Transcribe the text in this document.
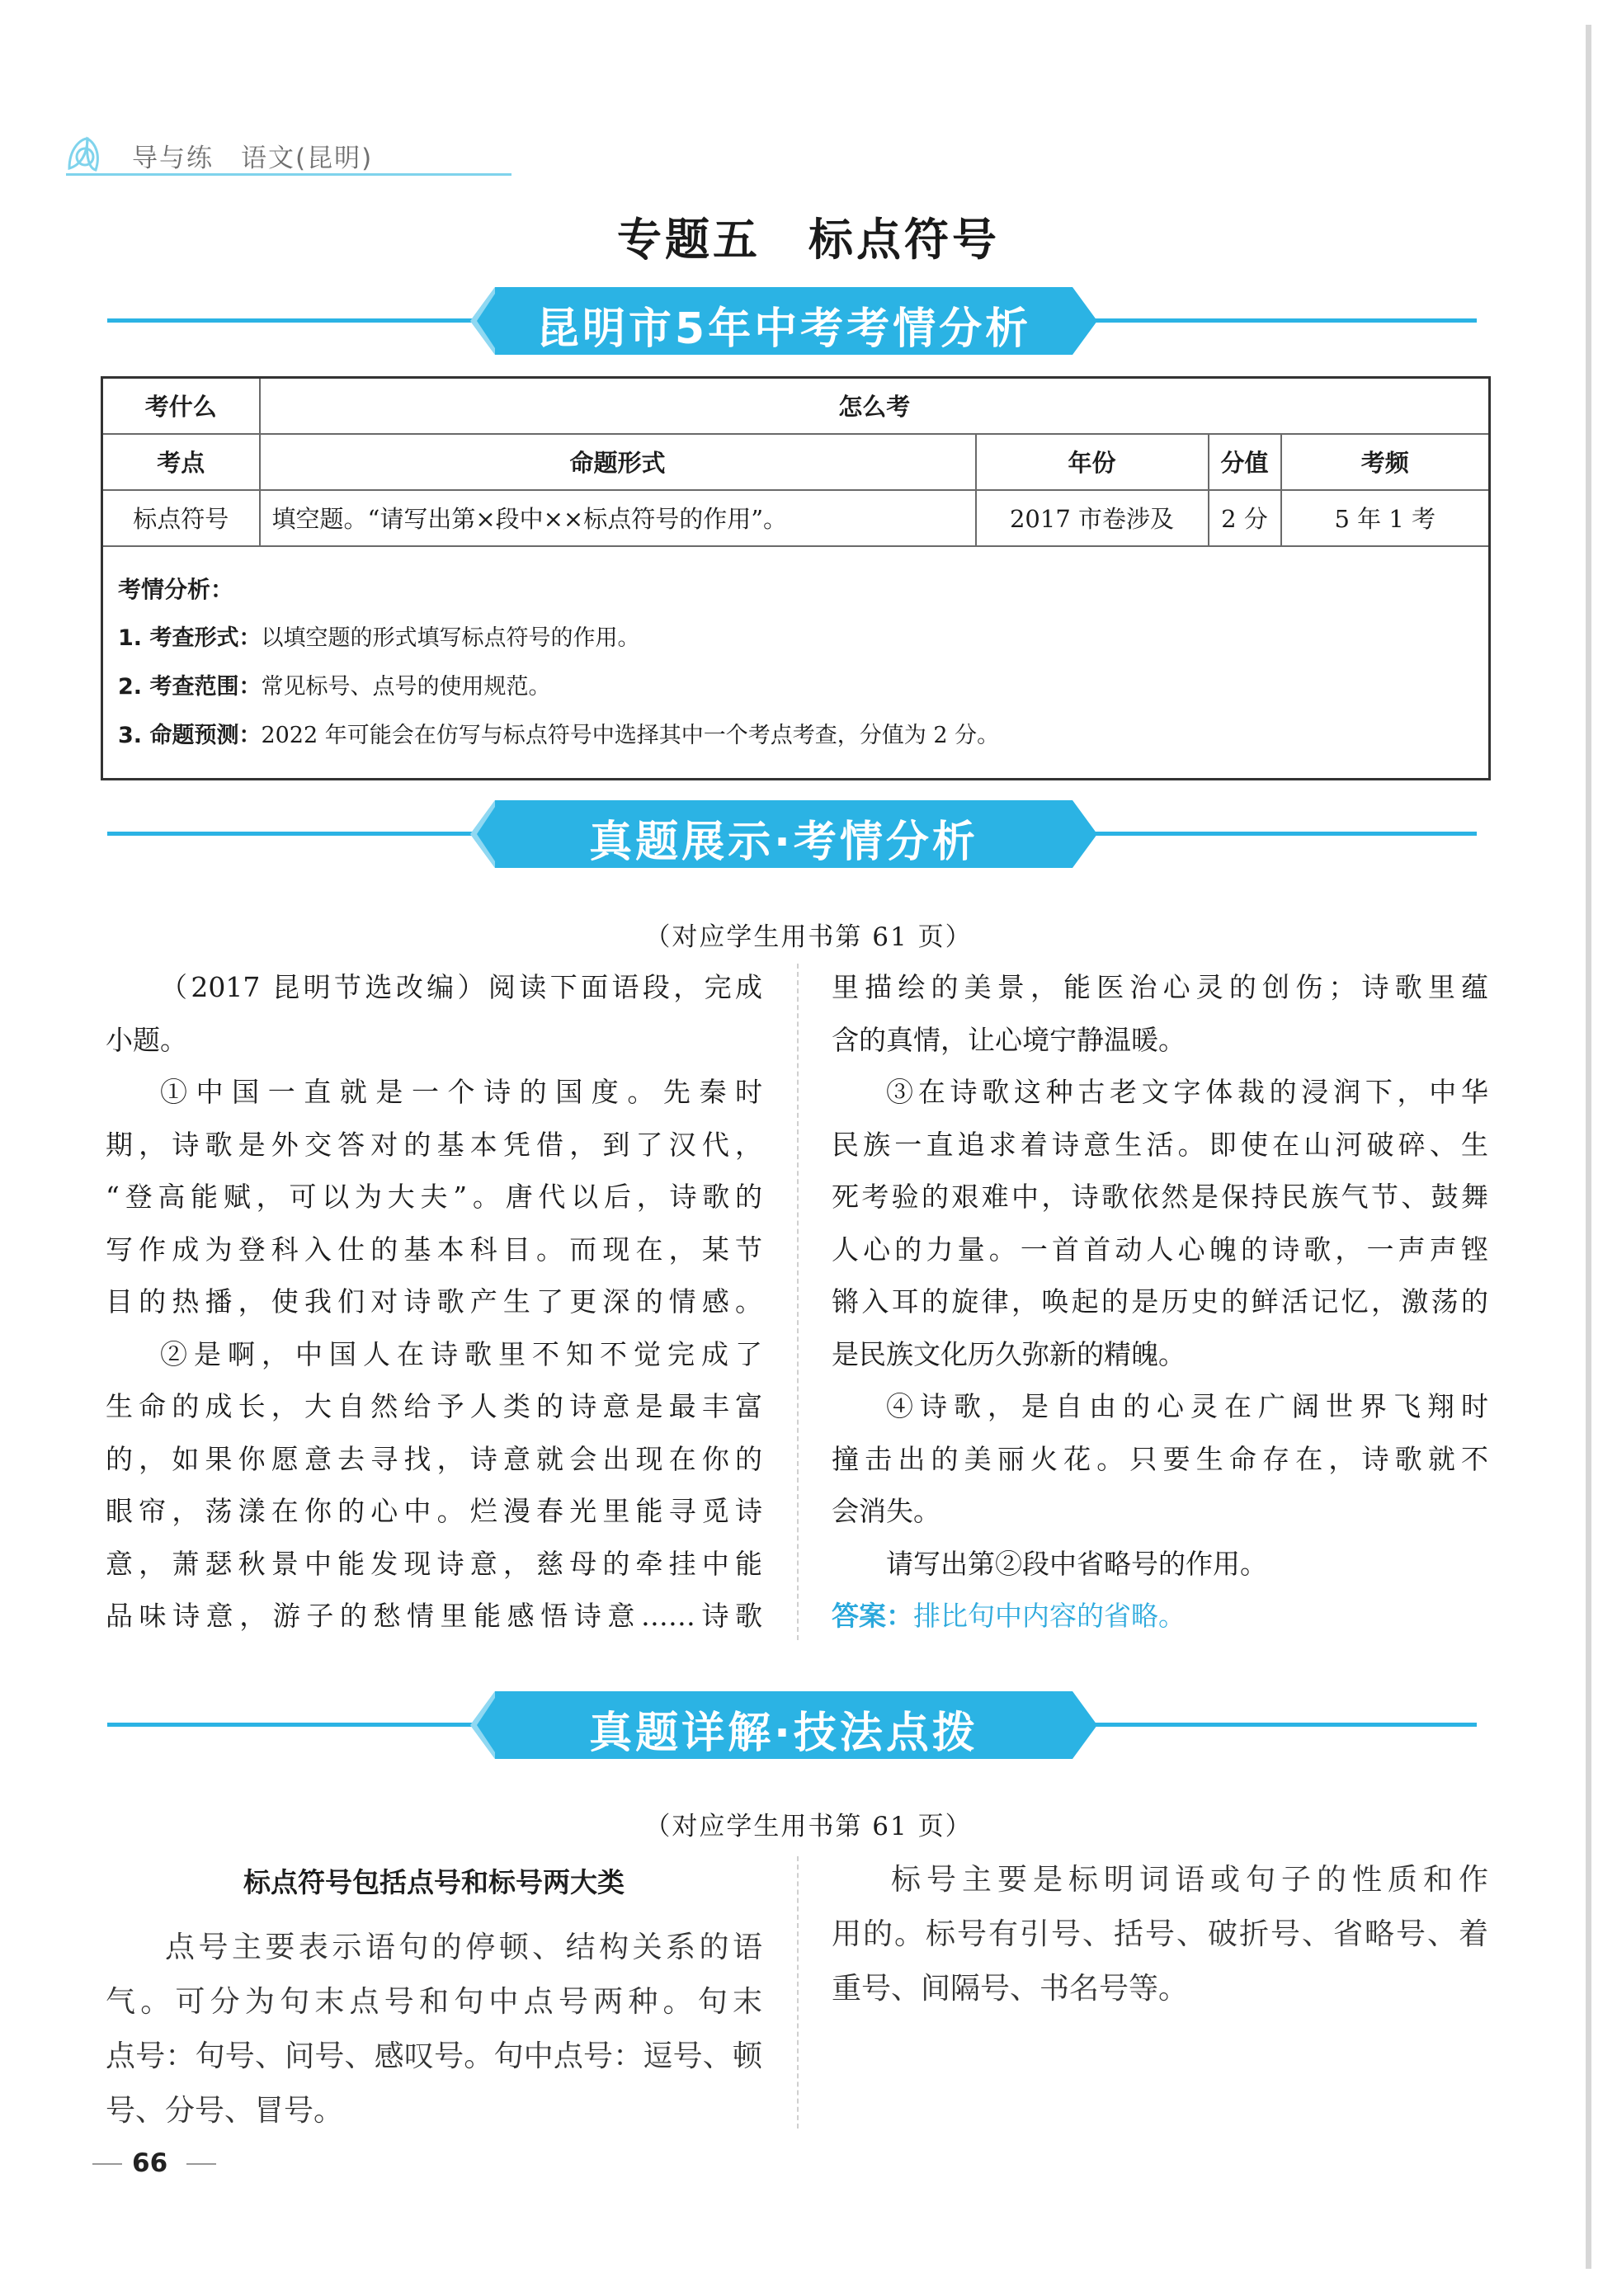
导与练　语文(昆明)
专题五　标点符号
昆明市5年中考考情分析
考什么	怎么考			
考点	命题形式	年份	分值	考频
标点符号	填空题。“请写出第×段中××标点符号的作用”。	2017 市卷涉及	2 分	5 年 1 考

考情分析：
1. 考查形式：以填空题的形式填写标点符号的作用。
2. 考查范围：常见标号、点号的使用规范。
3. 命题预测：2022 年可能会在仿写与标点符号中选择其中一个考点考查，分值为 2 分。				
真题展示·考情分析
（对应学生用书第 61 页）

（2017 昆明节选改编）阅读下面语段，完成

小题。

①中国一直就是一个诗的国度。先秦时

期，诗歌是外交答对的基本凭借，到了汉代，

“登高能赋，可以为大夫”。唐代以后，诗歌的

写作成为登科入仕的基本科目。而现在，某节

目的热播，使我们对诗歌产生了更深的情感。

②是啊，中国人在诗歌里不知不觉完成了

生命的成长，大自然给予人类的诗意是最丰富

的，如果你愿意去寻找，诗意就会出现在你的

眼帘，荡漾在你的心中。烂漫春光里能寻觅诗

意，萧瑟秋景中能发现诗意，慈母的牵挂中能

品味诗意，游子的愁情里能感悟诗意……诗歌

里描绘的美景，能医治心灵的创伤；诗歌里蕴

含的真情，让心境宁静温暖。

③在诗歌这种古老文字体裁的浸润下，中华

民族一直追求着诗意生活。即使在山河破碎、生

死考验的艰难中，诗歌依然是保持民族气节、鼓舞

人心的力量。一首首动人心魄的诗歌，一声声铿

锵入耳的旋律，唤起的是历史的鲜活记忆，激荡的

是民族文化历久弥新的精魄。

④诗歌，是自由的心灵在广阔世界飞翔时

撞击出的美丽火花。只要生命存在，诗歌就不

会消失。

请写出第②段中省略号的作用。

答案：排比句中内容的省略。

真题详解·技法点拨
（对应学生用书第 61 页）
标点符号包括点号和标号两大类

点号主要表示语句的停顿、结构关系的语

气。可分为句末点号和句中点号两种。句末

点号：句号、问号、感叹号。句中点号：逗号、顿

号、分号、冒号。

标号主要是标明词语或句子的性质和作

用的。标号有引号、括号、破折号、省略号、着

重号、间隔号、书名号等。

66
